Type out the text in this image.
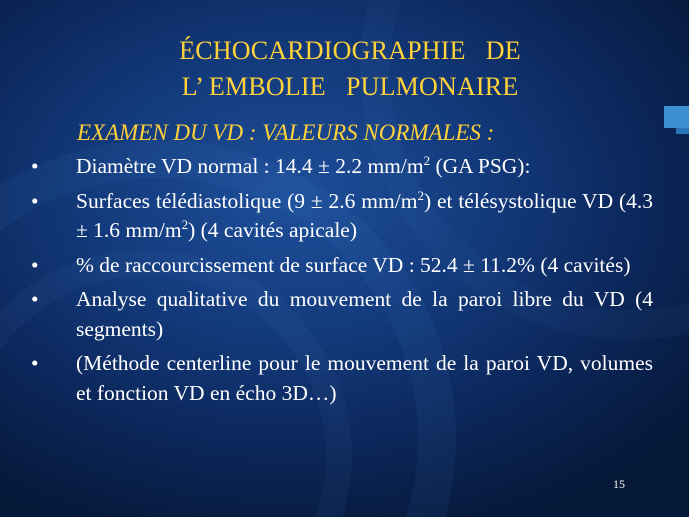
ÉCHOCARDIOGRAPHIE   DE
L’ EMBOLIE   PULMONAIRE
EXAMEN DU VD : VALEURS NORMALES :
• Diamètre VD normal : 14.4 ± 2.2 $mm/m^2$ (GA PSG):
• Surfaces télédiastolique (9 ± 2.6 $mm/m^2$) et télésystolique VD (4.3 ± 1.6 $mm/m^2$) (4 cavités apicale)
• % de raccourcissement de surface VD : 52.4 ± 11.2% (4 cavités)
• Analyse qualitative du mouvement de la paroi libre du VD (4 segments)
• (Méthode centerline pour le mouvement de la paroi VD, volumes et fonction VD en écho 3D…)
15
